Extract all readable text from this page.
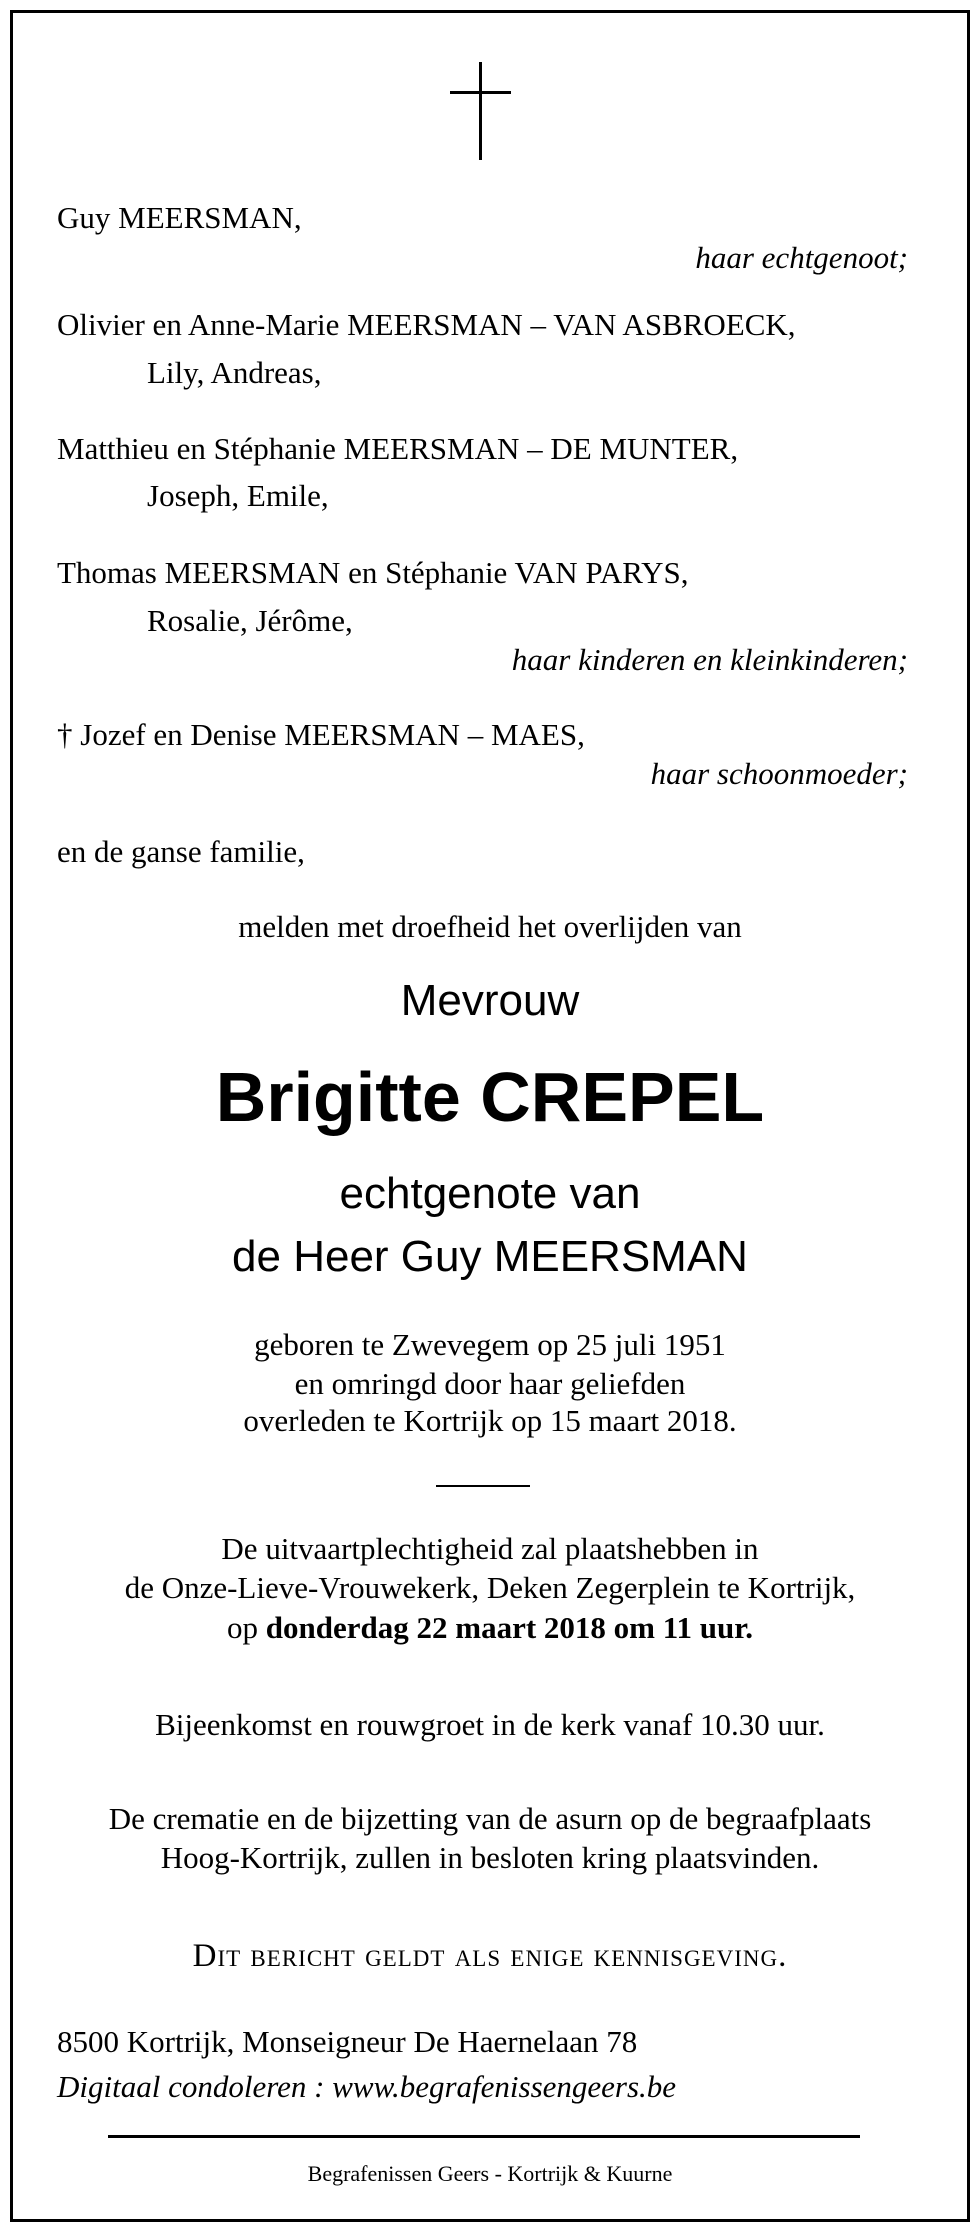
Guy MEERSMAN,
haar echtgenoot;
Olivier en Anne-Marie MEERSMAN – VAN ASBROECK,
Lily, Andreas,
Matthieu en Stéphanie MEERSMAN – DE MUNTER,
Joseph, Emile,
Thomas MEERSMAN en Stéphanie VAN PARYS,
Rosalie, Jérôme,
haar kinderen en kleinkinderen;
† Jozef en Denise MEERSMAN – MAES,
haar schoonmoeder;
en de ganse familie,
melden met droefheid het overlijden van
Mevrouw
Brigitte CREPEL
echtgenote van
de Heer Guy MEERSMAN
geboren te Zwevegem op 25 juli 1951
en omringd door haar geliefden
overleden te Kortrijk op 15 maart 2018.
De uitvaartplechtigheid zal plaatshebben in
de Onze-Lieve-Vrouwekerk, Deken Zegerplein te Kortrijk,
op donderdag 22 maart 2018 om 11 uur.
Bijeenkomst en rouwgroet in de kerk vanaf 10.30 uur.
De crematie en de bijzetting van de asurn op de begraafplaats
Hoog-Kortrijk, zullen in besloten kring plaatsvinden.
Dit bericht geldt als enige kennisgeving.
8500 Kortrijk, Monseigneur De Haernelaan 78
Digitaal condoleren : www.begrafenissengeers.be
Begrafenissen Geers - Kortrijk & Kuurne
